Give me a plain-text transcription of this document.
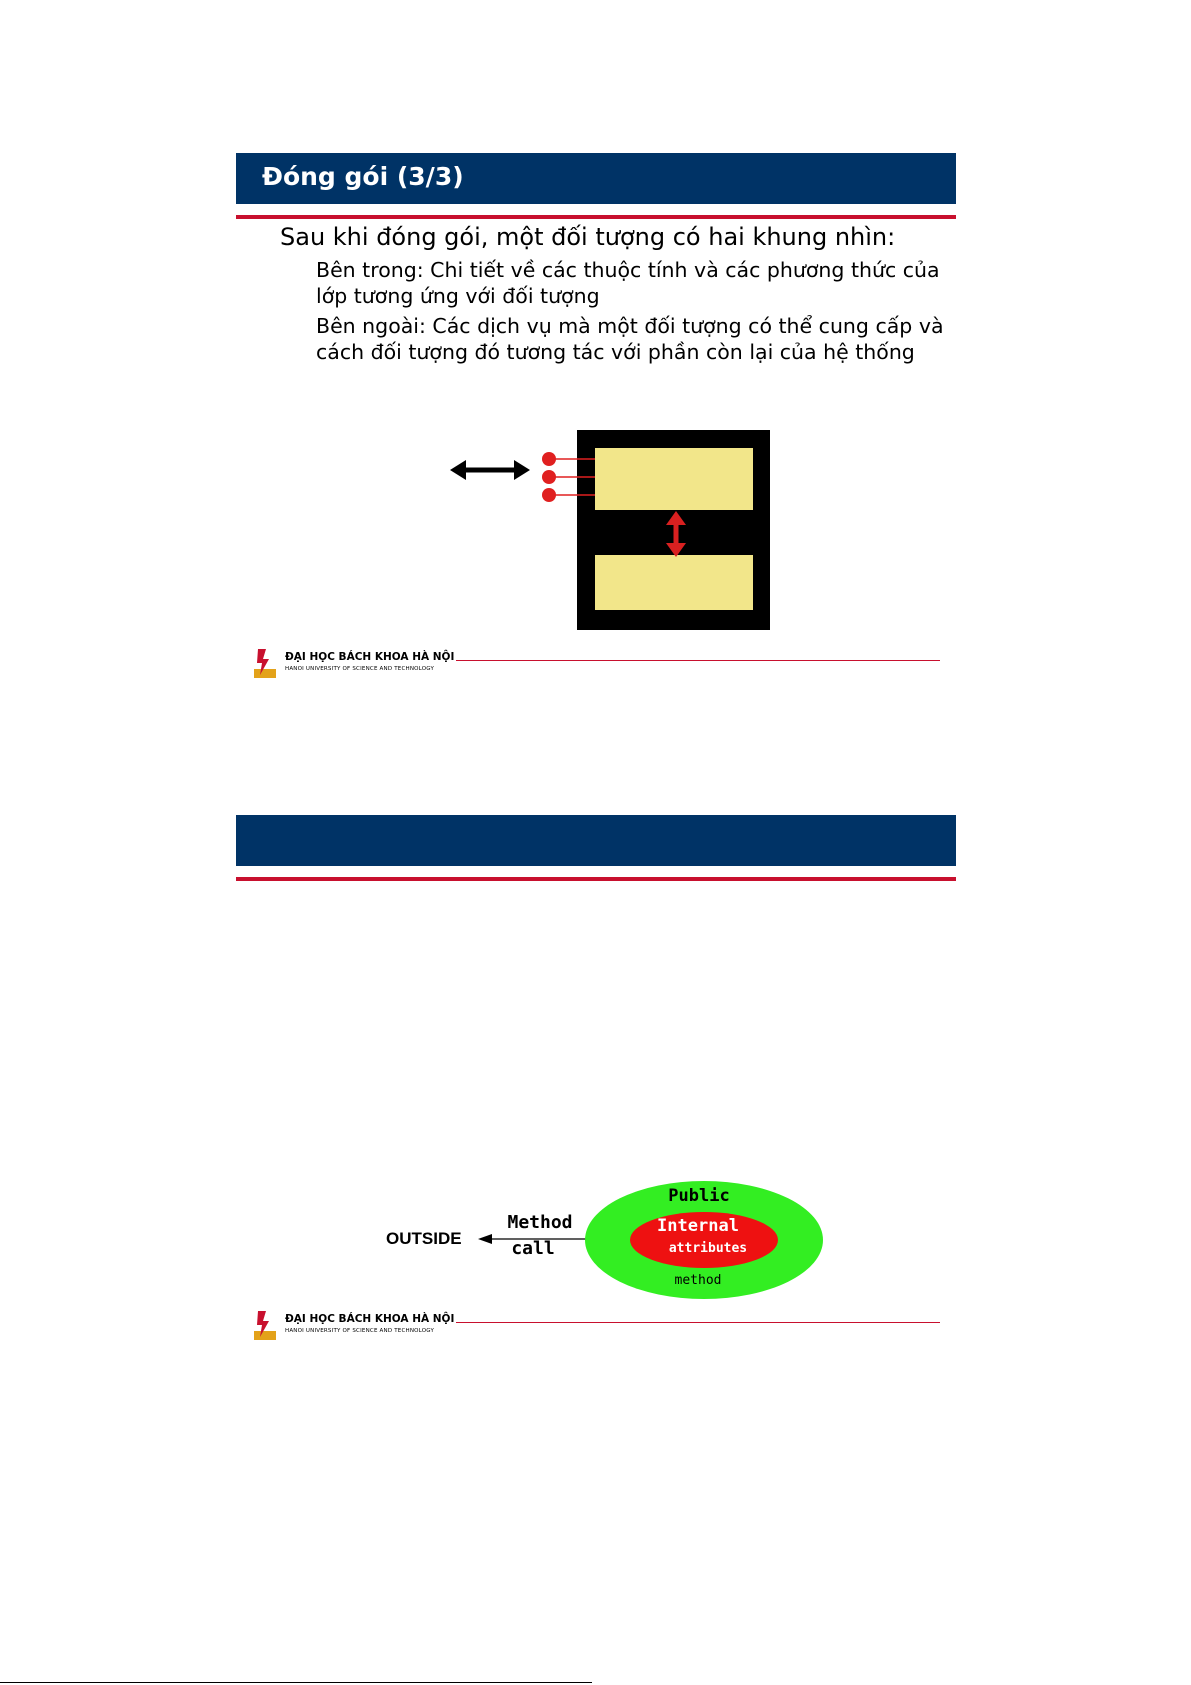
Đóng gói (3/3)
Sau khi đóng gói, một đối tượng có hai khung nhìn:
Bên trong: Chi tiết về các thuộc tính và các phương thức của lớp tương ứng với đối tượng
Bên ngoài: Các dịch vụ mà một đối tượng có thể cung cấp và cách đối tượng đó tương tác với phần còn lại của hệ thống
ĐẠI HỌC BÁCH KHOA HÀ NỘI
HANOI UNIVERSITY OF SCIENCE AND TECHNOLOGY
OUTSIDE
Method
call
Public
Internal
attributes
method
ĐẠI HỌC BÁCH KHOA HÀ NỘI
HANOI UNIVERSITY OF SCIENCE AND TECHNOLOGY
